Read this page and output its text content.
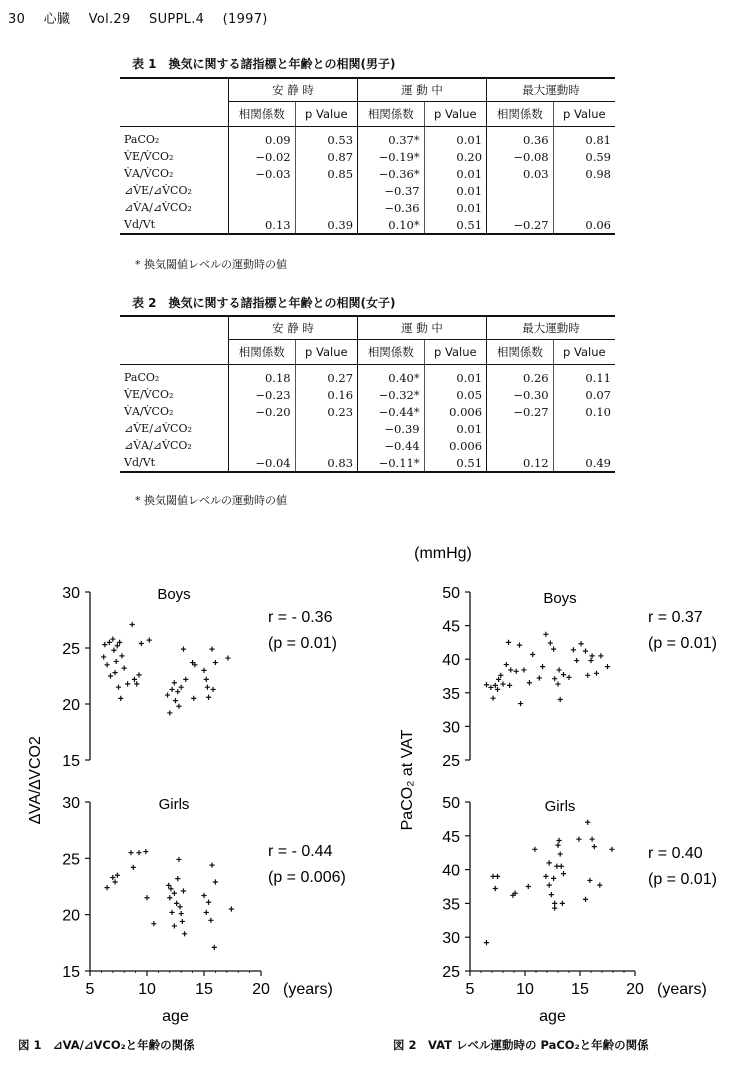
30 心臓 Vol.29 SUPPL.4 (1997)
表 1　換気に関する諸指標と年齢との相関(男子)
	安 静 時		運 動 中		最大運動時	
	相関係数	p Value	相関係数	p Value	相関係数	p Value
PaCO₂	0.09	0.53	0.37*	0.01	0.36	0.81
V̇E/V̇CO₂	−0.02	0.87	−0.19*	0.20	−0.08	0.59
V̇A/V̇CO₂	−0.03	0.85	−0.36*	0.01	0.03	0.98
⊿V̇E/⊿V̇CO₂			−0.37	0.01		
⊿V̇A/⊿V̇CO₂			−0.36	0.01		
Vd/Vt	0.13	0.39	0.10*	0.51	−0.27	0.06
* 換気閾値レベルの運動時の値
表 2　換気に関する諸指標と年齢との相関(女子)
	安 静 時		運 動 中		最大運動時	
	相関係数	p Value	相関係数	p Value	相関係数	p Value
PaCO₂	0.18	0.27	0.40*	0.01	0.26	0.11
V̇E/V̇CO₂	−0.23	0.16	−0.32*	0.05	−0.30	0.07
V̇A/V̇CO₂	−0.20	0.23	−0.44*	0.006	−0.27	0.10
⊿V̇E/⊿V̇CO₂			−0.39	0.01		
⊿V̇A/⊿V̇CO₂			−0.44	0.006		
Vd/Vt	−0.04	0.83	−0.11*	0.51	0.12	0.49
* 換気閾値レベルの運動時の値
15
20
25
30	Boys
r = - 0.36
(p = 0.01)
15
20
25
30
5	10 15 20 (years)
age
Girls
r = - 0.44
(p = 0.006)
∆VA/∆VCO2	25
30
35
40
45
50	Boys
r = 0.37
(p = 0.01)
25
30
35
40
45
50
5	10 15 20 (years)
age
Girls
r = 0.40
(p = 0.01)
(mmHg)
PaCO₂ at VAT
図 1　⊿VA/⊿VCO₂と年齢の関係	図 2　VAT レベル運動時の PaCO₂と年齢の関係
